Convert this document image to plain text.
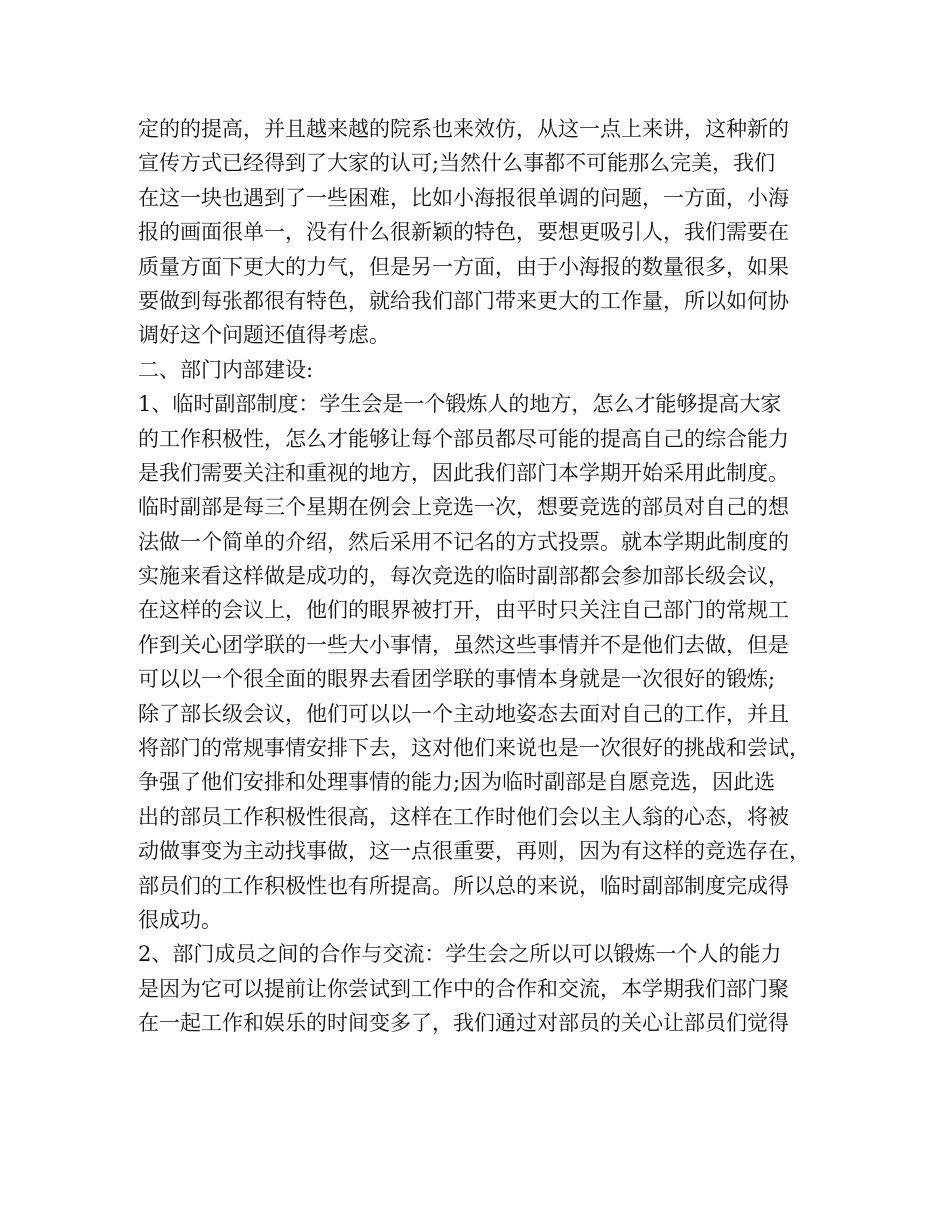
定的的提高，并且越来越的院系也来效仿，从这一点上来讲，这种新的
宣传方式已经得到了大家的认可;当然什么事都不可能那么完美，我们
在这一块也遇到了一些困难，比如小海报很单调的问题，一方面，小海
报的画面很单一，没有什么很新颖的特色，要想更吸引人，我们需要在
质量方面下更大的力气，但是另一方面，由于小海报的数量很多，如果
要做到每张都很有特色，就给我们部门带来更大的工作量，所以如何协
调好这个问题还值得考虑。
二、部门内部建设:
1、临时副部制度：学生会是一个锻炼人的地方，怎么才能够提高大家
的工作积极性，怎么才能够让每个部员都尽可能的提高自己的综合能力
是我们需要关注和重视的地方，因此我们部门本学期开始采用此制度。
临时副部是每三个星期在例会上竞选一次，想要竞选的部员对自己的想
法做一个简单的介绍，然后采用不记名的方式投票。就本学期此制度的
实施来看这样做是成功的，每次竞选的临时副部都会参加部长级会议，
在这样的会议上，他们的眼界被打开，由平时只关注自己部门的常规工
作到关心团学联的一些大小事情，虽然这些事情并不是他们去做，但是
可以以一个很全面的眼界去看团学联的事情本身就是一次很好的锻炼;
除了部长级会议，他们可以以一个主动地姿态去面对自己的工作，并且
将部门的常规事情安排下去，这对他们来说也是一次很好的挑战和尝试，
争强了他们安排和处理事情的能力;因为临时副部是自愿竞选，因此选
出的部员工作积极性很高，这样在工作时他们会以主人翁的心态，将被
动做事变为主动找事做，这一点很重要，再则，因为有这样的竞选存在，
部员们的工作积极性也有所提高。所以总的来说，临时副部制度完成得
很成功。
2、部门成员之间的合作与交流：学生会之所以可以锻炼一个人的能力
是因为它可以提前让你尝试到工作中的合作和交流，本学期我们部门聚
在一起工作和娱乐的时间变多了，我们通过对部员的关心让部员们觉得
